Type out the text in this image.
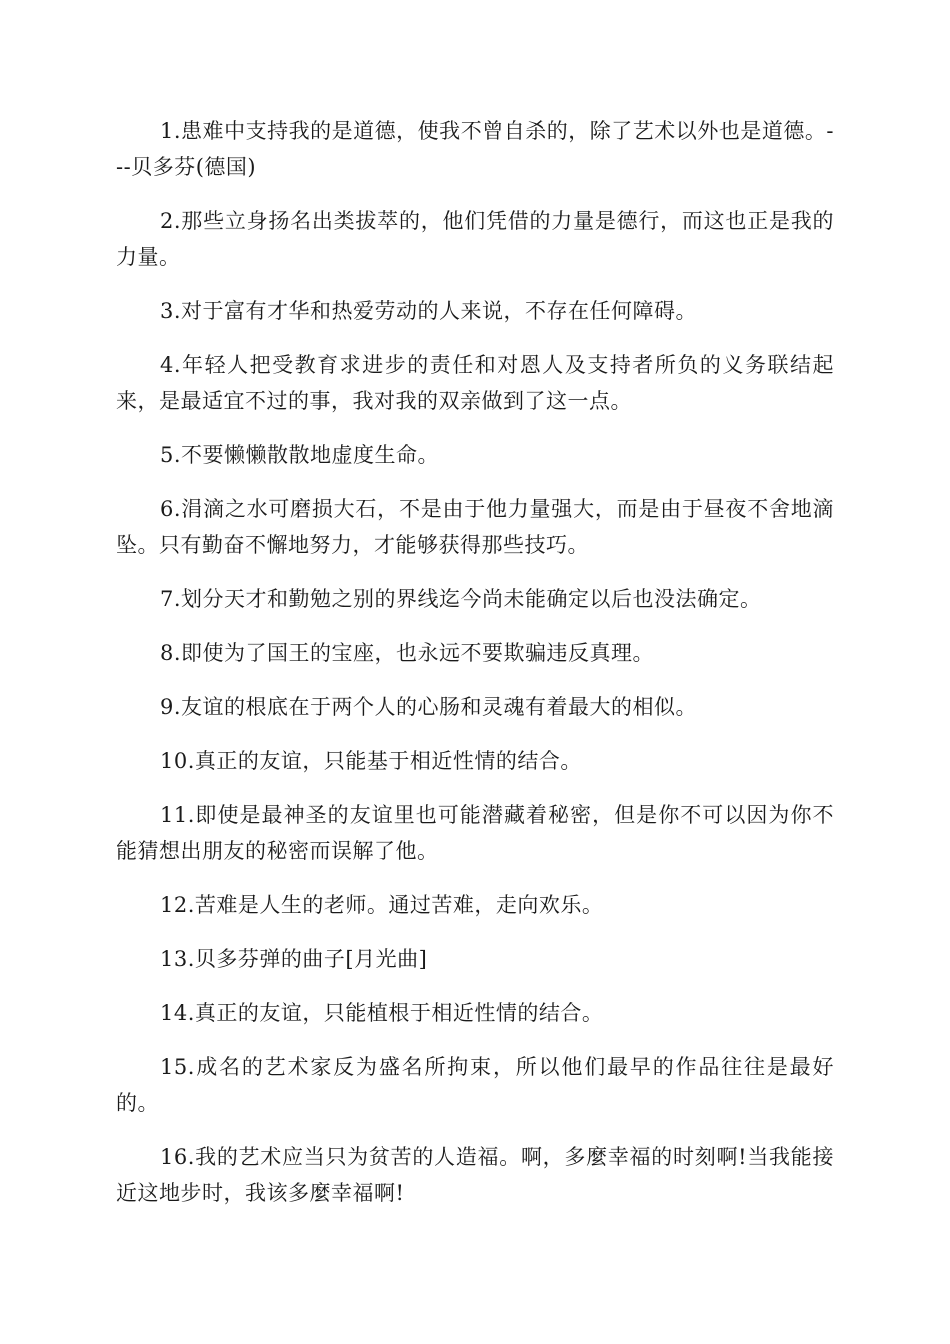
1.患难中支持我的是道德，使我不曾自杀的，除了艺术以外也是道德。---贝多芬(德国)

2.那些立身扬名出类拔萃的，他们凭借的力量是德行，而这也正是我的力量。

3.对于富有才华和热爱劳动的人来说，不存在任何障碍。

4.年轻人把受教育求进步的责任和对恩人及支持者所负的义务联结起来，是最适宜不过的事，我对我的双亲做到了这一点。

5.不要懒懒散散地虚度生命。

6.涓滴之水可磨损大石，不是由于他力量强大，而是由于昼夜不舍地滴坠。只有勤奋不懈地努力，才能够获得那些技巧。

7.划分天才和勤勉之别的界线迄今尚未能确定以后也没法确定。

8.即使为了国王的宝座，也永远不要欺骗违反真理。

9.友谊的根底在于两个人的心肠和灵魂有着最大的相似。

10.真正的友谊，只能基于相近性情的结合。

11.即使是最神圣的友谊里也可能潜藏着秘密，但是你不可以因为你不能猜想出朋友的秘密而误解了他。

12.苦难是人生的老师。通过苦难，走向欢乐。

13.贝多芬弹的曲子[月光曲]

14.真正的友谊，只能植根于相近性情的结合。

15.成名的艺术家反为盛名所拘束，所以他们最早的作品往往是最好的。

16.我的艺术应当只为贫苦的人造福。啊，多麼幸福的时刻啊!当我能接近这地步时，我该多麼幸福啊!
